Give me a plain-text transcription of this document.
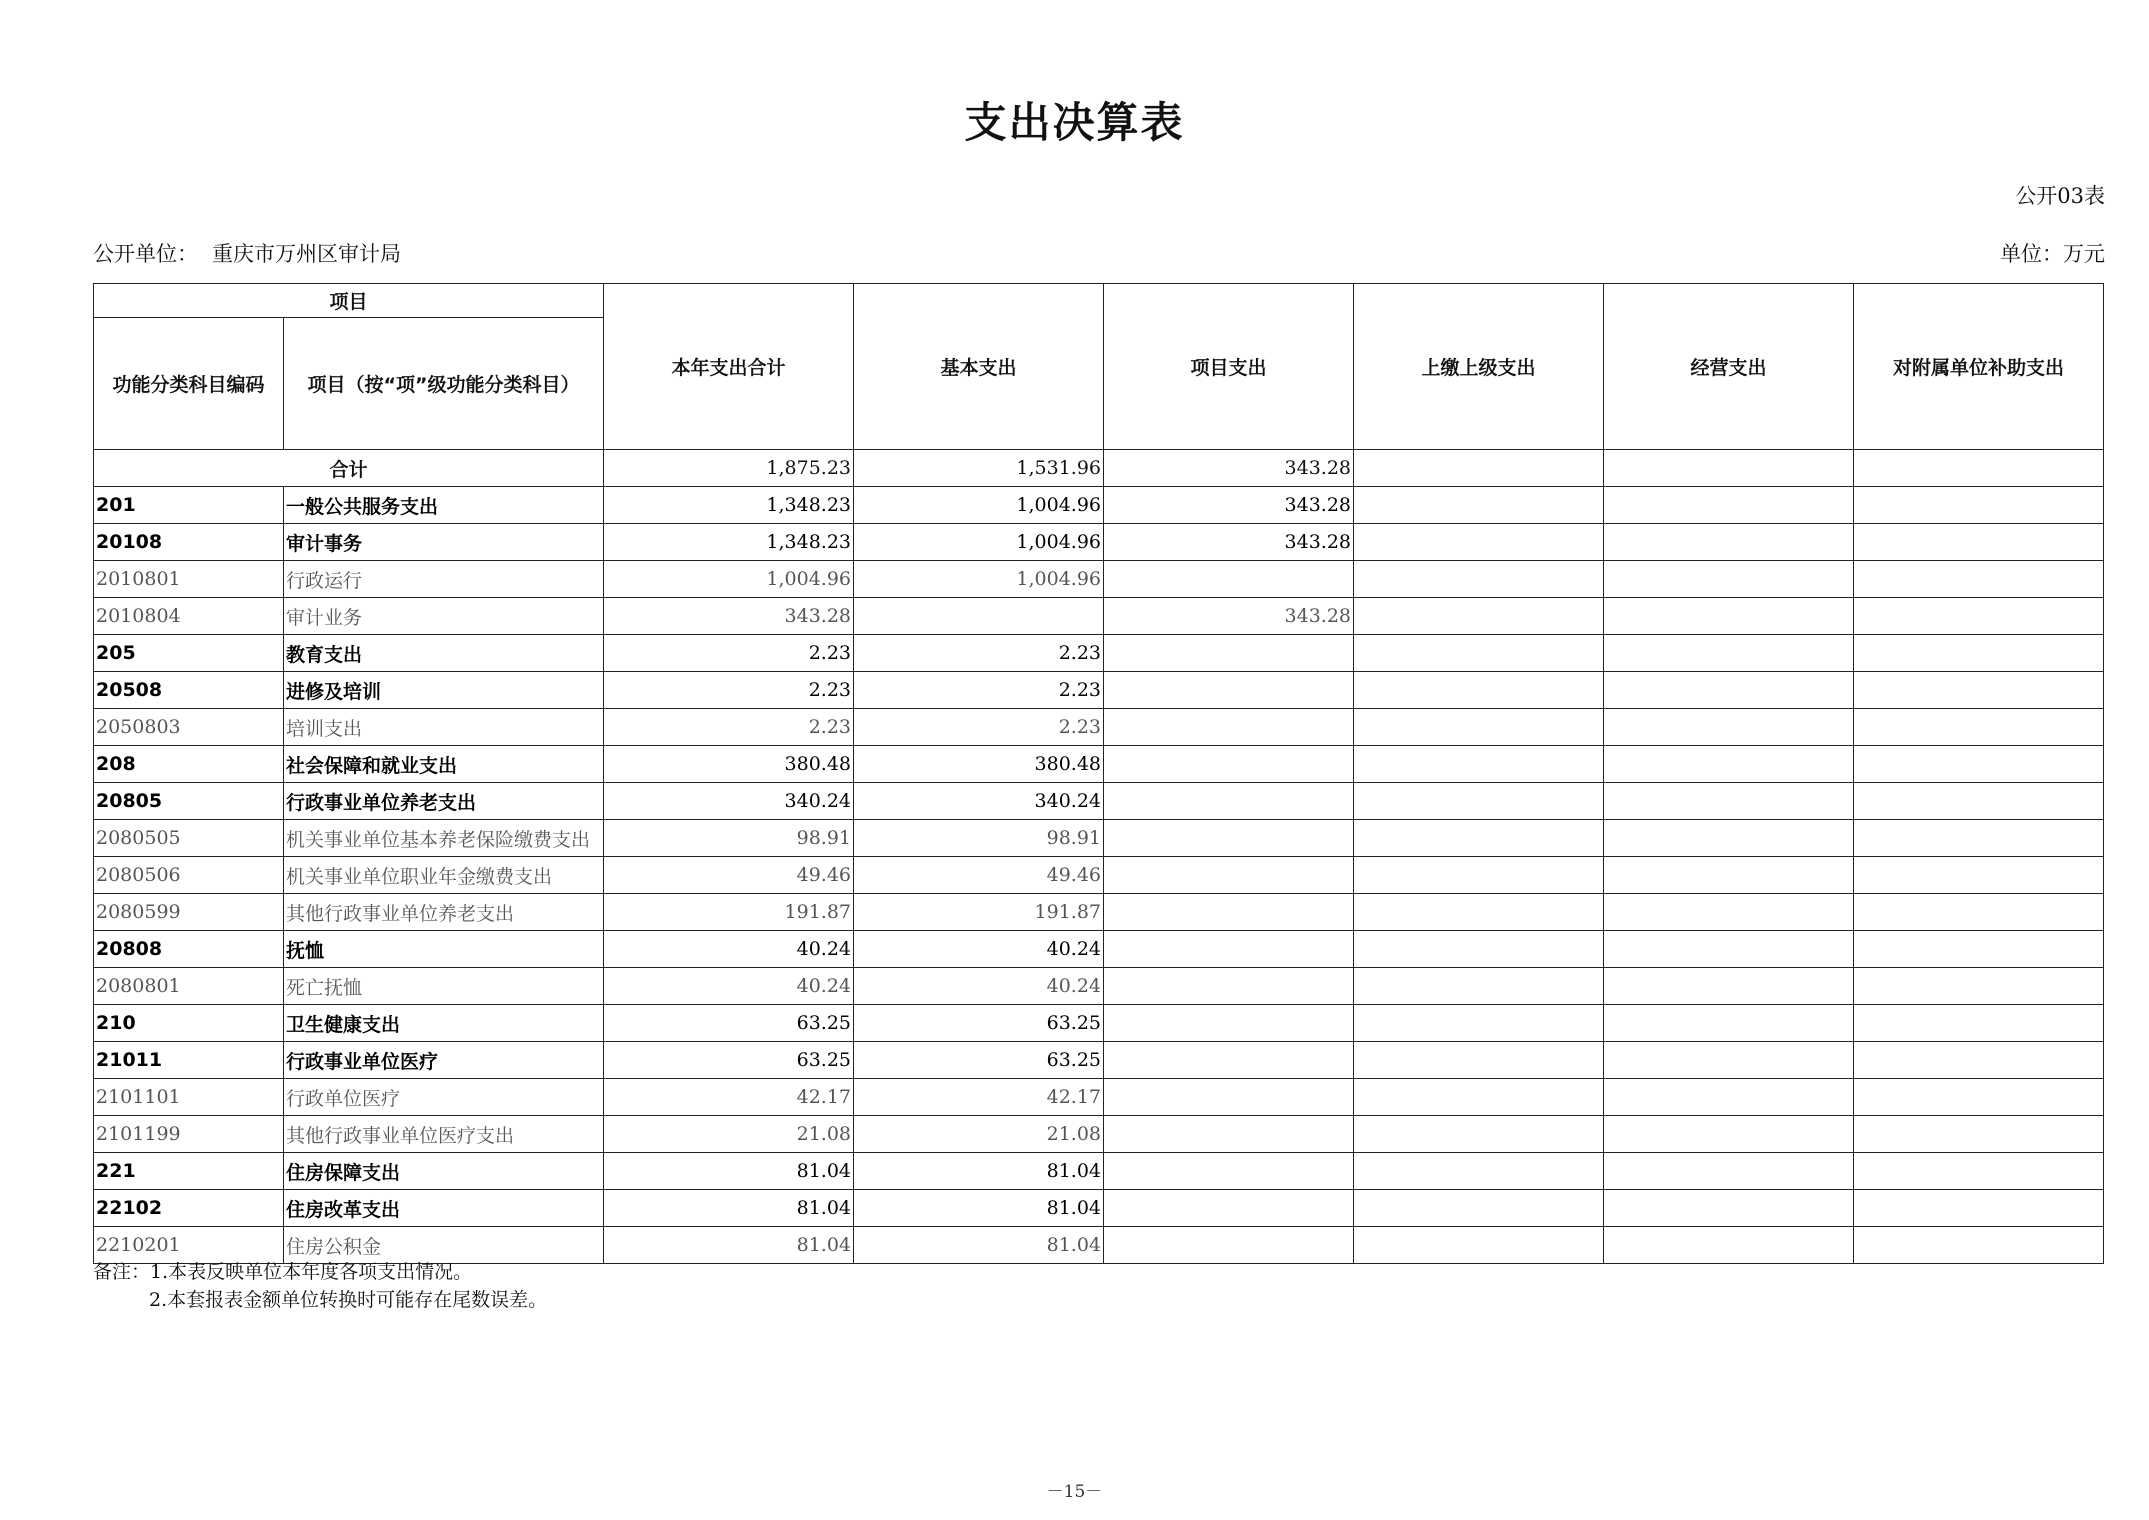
支出决算表
公开03表
公开单位： 重庆市万州区审计局	单位：万元
项目		本年支出合计	基本支出	项目支出	上缴上级支出	经营支出	对附属单位补助支出
功能分类科目编码	项目（按“项”级功能分类科目）						
合计		1,875.23	1,531.96	343.28			
201	一般公共服务支出	1,348.23	1,004.96	343.28			
20108	审计事务	1,348.23	1,004.96	343.28			
2010801	行政运行	1,004.96	1,004.96				
2010804	审计业务	343.28		343.28			
205	教育支出	2.23	2.23				
20508	进修及培训	2.23	2.23				
2050803	培训支出	2.23	2.23				
208	社会保障和就业支出	380.48	380.48				
20805	行政事业单位养老支出	340.24	340.24				
2080505	机关事业单位基本养老保险缴费支出	98.91	98.91				
2080506	机关事业单位职业年金缴费支出	49.46	49.46				
2080599	其他行政事业单位养老支出	191.87	191.87				
20808	抚恤	40.24	40.24				
2080801	死亡抚恤	40.24	40.24				
210	卫生健康支出	63.25	63.25				
21011	行政事业单位医疗	63.25	63.25				
2101101	行政单位医疗	42.17	42.17				
2101199	其他行政事业单位医疗支出	21.08	21.08				
221	住房保障支出	81.04	81.04				
22102	住房改革支出	81.04	81.04				
2210201	住房公积金	81.04	81.04				
备注：1.本表反映单位本年度各项支出情况。
2.本套报表金额单位转换时可能存在尾数误差。
－15－
